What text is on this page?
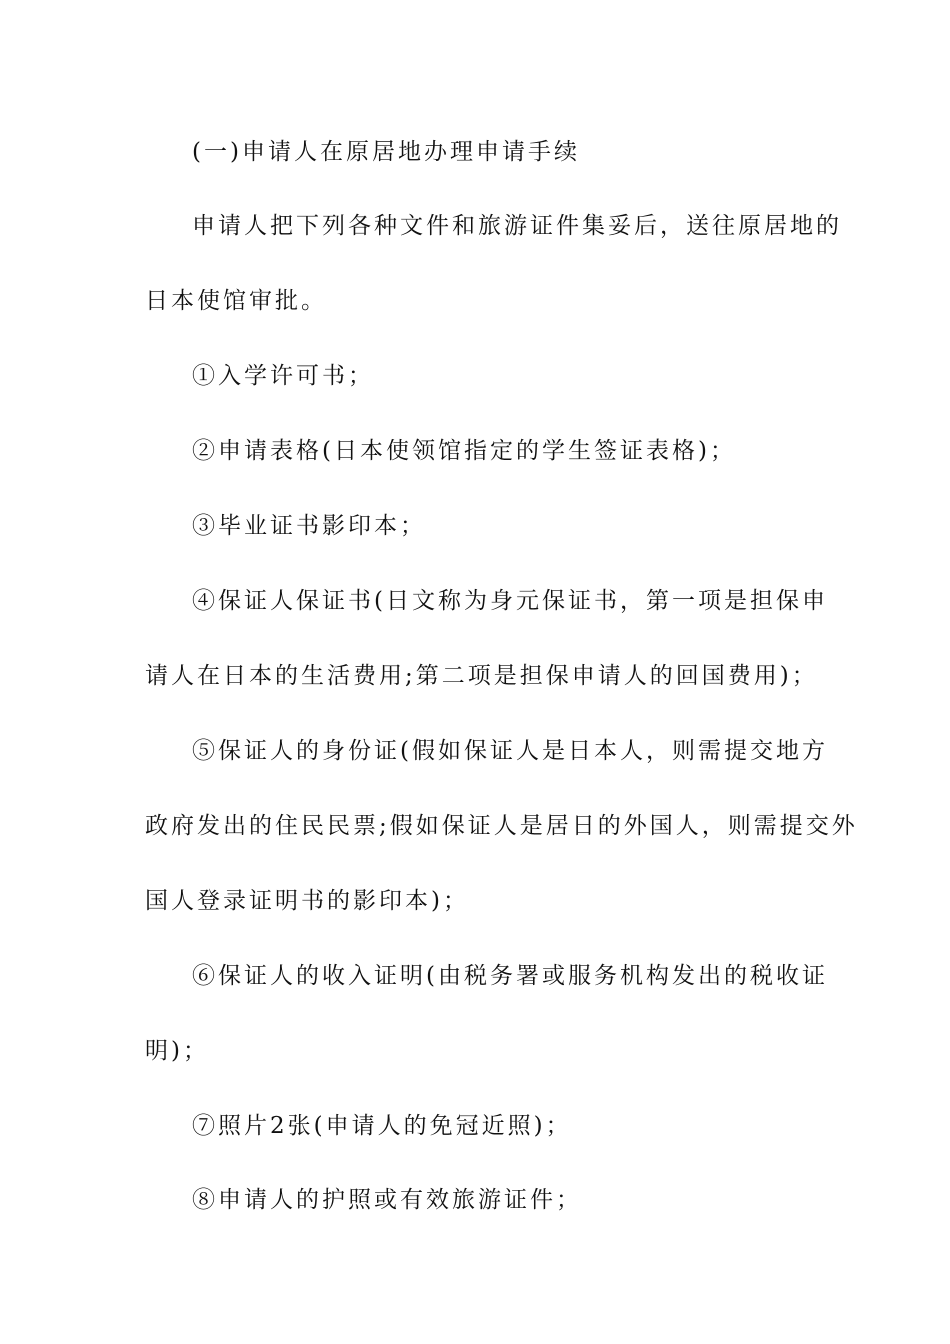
(一)申请人在原居地办理申请手续
申请人把下列各种文件和旅游证件集妥后，送往原居地的
日本使馆审批。
①入学许可书；
②申请表格(日本使领馆指定的学生签证表格)；
③毕业证书影印本；
④保证人保证书(日文称为身元保证书，第一项是担保申
请人在日本的生活费用;第二项是担保申请人的回国费用)；
⑤保证人的身份证(假如保证人是日本人，则需提交地方
政府发出的住民民票;假如保证人是居日的外国人，则需提交外
国人登录证明书的影印本)；
⑥保证人的收入证明(由税务署或服务机构发出的税收证
明)；
⑦照片2张(申请人的免冠近照)；
⑧申请人的护照或有效旅游证件；
